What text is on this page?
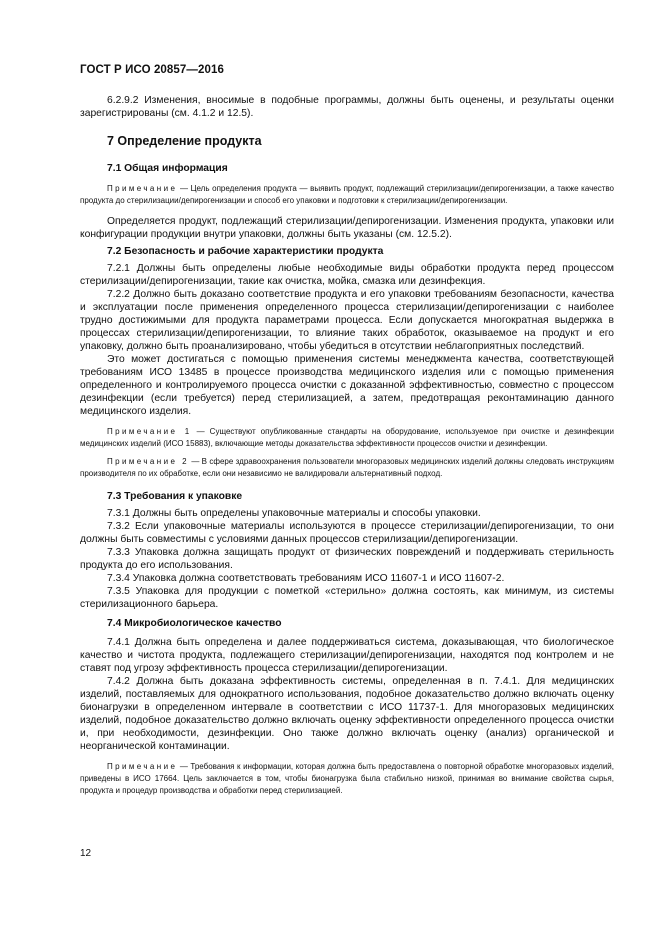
ГОСТ Р ИСО 20857—2016

6.2.9.2 Изменения, вносимые в подобные программы, должны быть оценены, и результаты оценки зарегистрированы (см. 4.1.2 и 12.5).

7 Определение продукта
7.1 Общая информация

Примечание — Цель определения продукта — выявить продукт, подлежащий стерилизации/депирогенизации, а также качество продукта до стерилизации/депирогенизации и способ его упаковки и подготовки к стерилизации/депирогенизации.

Определяется продукт, подлежащий стерилизации/депирогенизации. Изменения продукта, упаковки или конфигурации продукции внутри упаковки, должны быть указаны (см. 12.5.2).

7.2 Безопасность и рабочие характеристики продукта

7.2.1 Должны быть определены любые необходимые виды обработки продукта перед процессом стерилизации/депирогенизации, такие как очистка, мойка, смазка или дезинфекция.

7.2.2 Должно быть доказано соответствие продукта и его упаковки требованиям безопасности, качества и эксплуатации после применения определенного процесса стерилизации/депирогенизации с наиболее трудно достижимыми для продукта параметрами процесса. Если допускается многократная выдержка в процессах стерилизации/депирогенизации, то влияние таких обработок, оказываемое на продукт и его упаковку, должно быть проанализировано, чтобы убедиться в отсутствии неблагоприятных последствий.

Это может достигаться с помощью применения системы менеджмента качества, соответствующей требованиям ИСО 13485 в процессе производства медицинского изделия или с помощью применения определенного и контролируемого процесса очистки с доказанной эффективностью, совместно с процессом дезинфекции (если требуется) перед стерилизацией, а затем, предотвращая реконтаминацию данного медицинского изделия.

Примечание 1 — Существуют опубликованные стандарты на оборудование, используемое при очистке и дезинфекции медицинских изделий (ИСО 15883), включающие методы доказательства эффективности процессов очистки и дезинфекции.

Примечание 2 — В сфере здравоохранения пользователи многоразовых медицинских изделий должны следовать инструкциям производителя по их обработке, если они независимо не валидировали альтернативный подход.

7.3 Требования к упаковке

7.3.1 Должны быть определены упаковочные материалы и способы упаковки.

7.3.2 Если упаковочные материалы используются в процессе стерилизации/депирогенизации, то они должны быть совместимы с условиями данных процессов стерилизации/депирогенизации.

7.3.3 Упаковка должна защищать продукт от физических повреждений и поддерживать стерильность продукта до его использования.

7.3.4 Упаковка должна соответствовать требованиям ИСО 11607-1 и ИСО 11607-2.

7.3.5 Упаковка для продукции с пометкой «стерильно» должна состоять, как минимум, из системы стерилизационного барьера.

7.4 Микробиологическое качество

7.4.1 Должна быть определена и далее поддерживаться система, доказывающая, что биологическое качество и чистота продукта, подлежащего стерилизации/депирогенизации, находятся под контролем и не ставят под угрозу эффективность процесса стерилизации/депирогенизации.

7.4.2 Должна быть доказана эффективность системы, определенная в п. 7.4.1. Для медицинских изделий, поставляемых для однократного использования, подобное доказательство должно включать оценку бионагрузки в определенном интервале в соответствии с ИСО 11737-1. Для многоразовых медицинских изделий, подобное доказательство должно включать оценку эффективности определенного процесса очистки и, при необходимости, дезинфекции. Оно также должно включать оценку (анализ) органической и неорганической контаминации.

Примечание — Требования к информации, которая должна быть предоставлена о повторной обработке многоразовых изделий, приведены в ИСО 17664. Цель заключается в том, чтобы бионагрузка была стабильно низкой, принимая во внимание свойства сырья, продукта и процедур производства и обработки перед стерилизацией.

12
